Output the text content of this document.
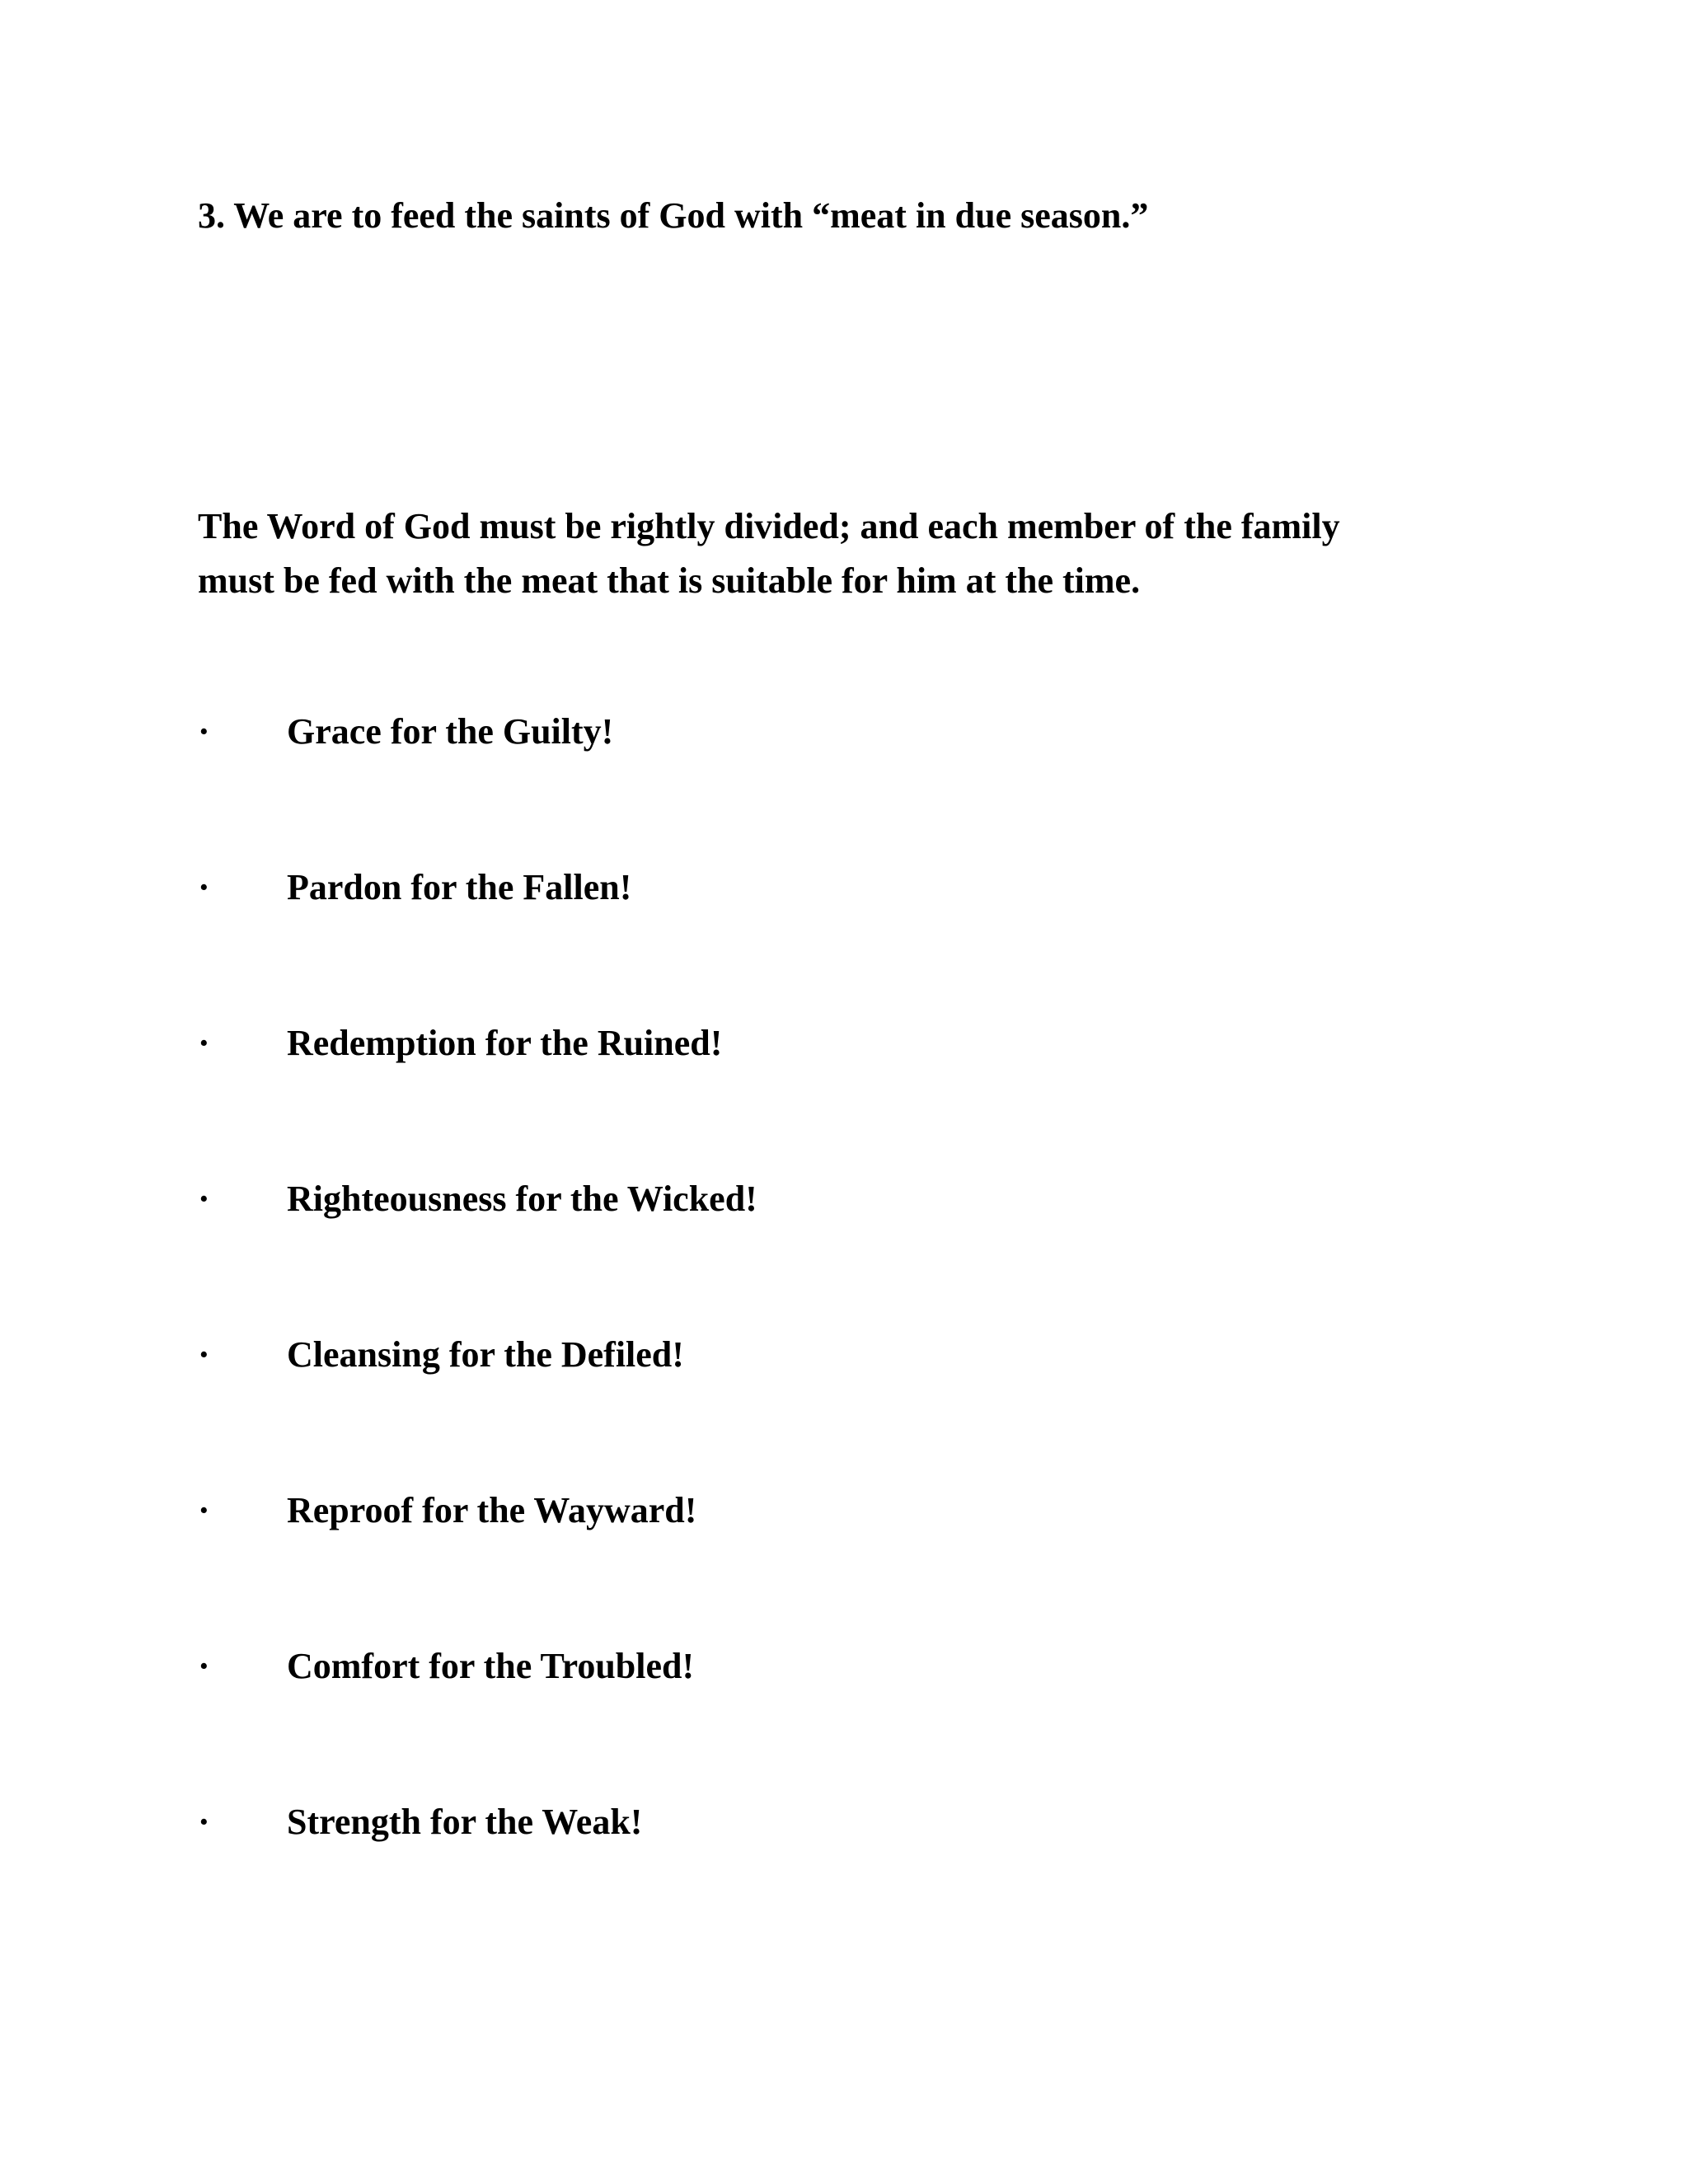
3. We are to feed the saints of God with “meat in due season.”
The Word of God must be rightly divided; and each member of the family
must be fed with the meat that is suitable for him at the time.
· Grace for the Guilty!
· Pardon for the Fallen!
· Redemption for the Ruined!
· Righteousness for the Wicked!
· Cleansing for the Defiled!
· Reproof for the Wayward!
· Comfort for the Troubled!
· Strength for the Weak!
